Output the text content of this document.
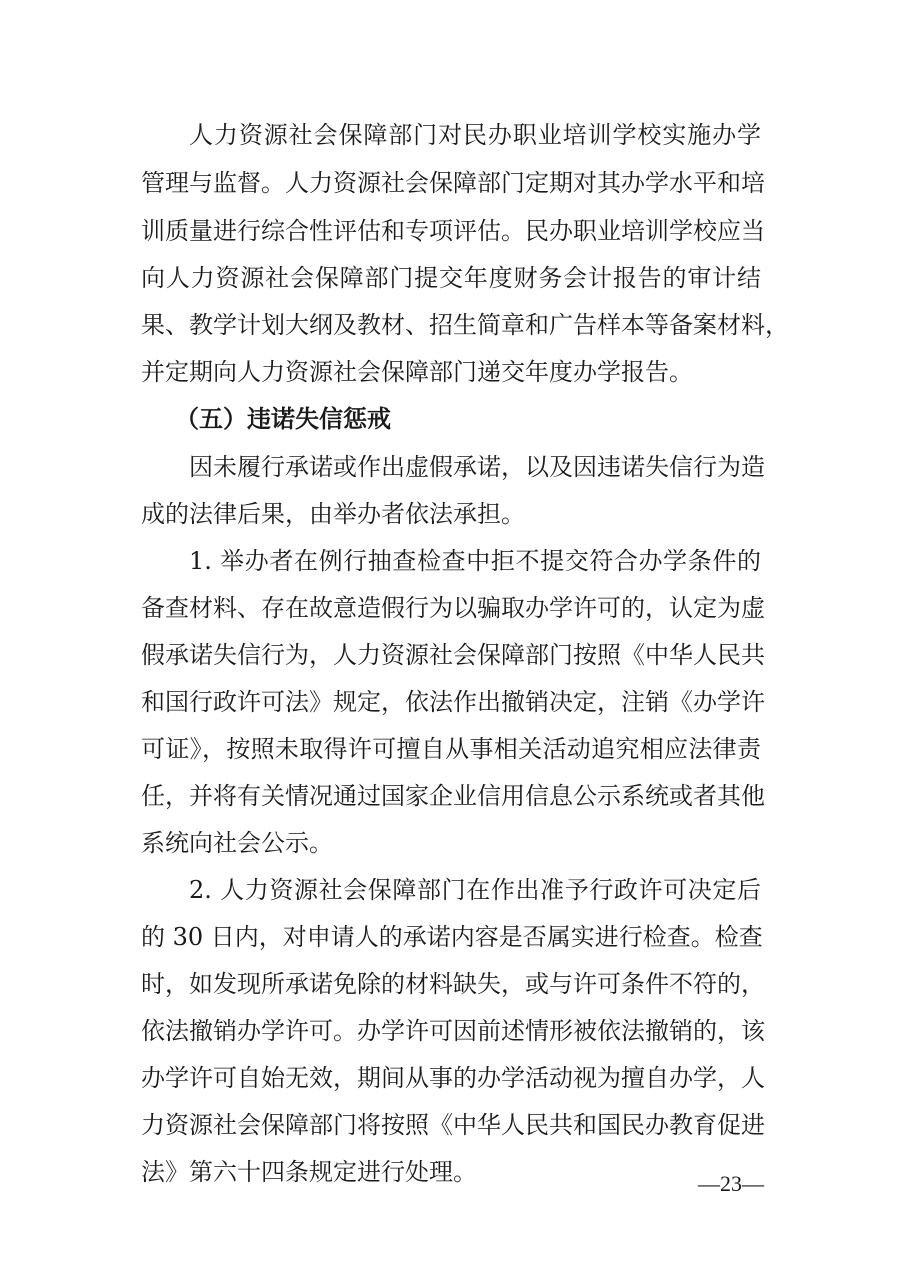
人力资源社会保障部门对民办职业培训学校实施办学
管理与监督。人力资源社会保障部门定期对其办学水平和培
训质量进行综合性评估和专项评估。民办职业培训学校应当
向人力资源社会保障部门提交年度财务会计报告的审计结
果、教学计划大纲及教材、招生简章和广告样本等备案材料，
并定期向人力资源社会保障部门递交年度办学报告。
（五）违诺失信惩戒
因未履行承诺或作出虚假承诺，以及因违诺失信行为造
成的法律后果，由举办者依法承担。
1. 举办者在例行抽查检查中拒不提交符合办学条件的
备查材料、存在故意造假行为以骗取办学许可的，认定为虚
假承诺失信行为，人力资源社会保障部门按照《中华人民共
和国行政许可法》规定，依法作出撤销决定，注销《办学许
可证》，按照未取得许可擅自从事相关活动追究相应法律责
任，并将有关情况通过国家企业信用信息公示系统或者其他
系统向社会公示。
2. 人力资源社会保障部门在作出准予行政许可决定后
的 30 日内，对申请人的承诺内容是否属实进行检查。检查
时，如发现所承诺免除的材料缺失，或与许可条件不符的，
依法撤销办学许可。办学许可因前述情形被依法撤销的，该
办学许可自始无效，期间从事的办学活动视为擅自办学，人
力资源社会保障部门将按照《中华人民共和国民办教育促进
法》第六十四条规定进行处理。	—23—
